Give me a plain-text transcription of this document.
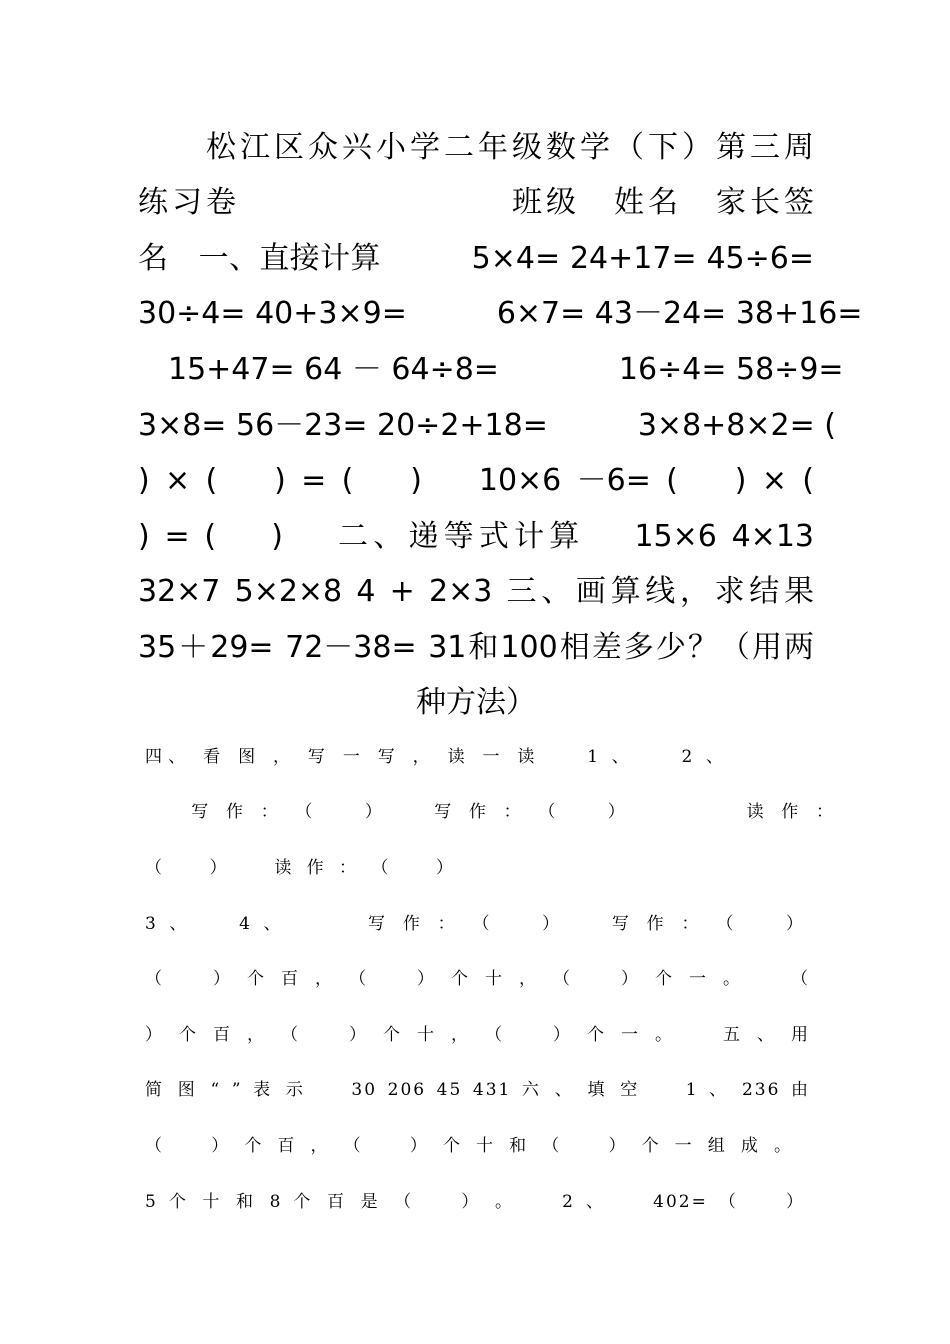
松江区众兴小学二年级数学（下）第三周
练习卷　　　　　　　　班级　姓名　家长签
名　一、直接计算　　　5×4= 24+17= 45÷6=
30÷4= 40+3×9=　　　6×7= 43－24= 38+16=
　15+47= 64 － 64÷8=　　　　16÷4= 58÷9=
3×8= 56－23= 20÷2+18=　　　3×8+8×2= (
) × (　 ) = (　 )　 10×6 －6= (　 ) × (
) = (　 )　 二、递等式计算　 15×6 4×13
32×7 5×2×8 4 + 2×3 三、画算线，求结果
35＋29= 72－38= 31和100相差多少？（用两
种方法）
四、 看 图 ， 写 一 写 ， 读 一 读 　 1 、 　 2 、
　　写 作 ： （ 　 ） 　 写 作 ： （ 　 ） 　 　 　 读 作 ：
（ 　 ） 　 读 作 ： （ 　 ）
3 、 　 4 、 　 　 写 作 ： （ 　 ） 　 写 作 ： （ 　 ）
（ 　 ） 个 百 ， （ 　 ） 个 十 ， （ 　 ） 个 一 。 　 （
） 个 百 ， （ 　 ） 个 十 ， （ 　 ） 个 一 。 　 五 、 用
简 图 “ ” 表 示 　 30 206 45 431 六 、 填 空 　 1 、 236 由
（ 　 ） 个 百 ， （ 　 ） 个 十 和 （ 　 ） 个 一 组 成 。
5 个 十 和 8 个 百 是 （ 　 ） 。 　 2 、 　 402= （ 　 ）
